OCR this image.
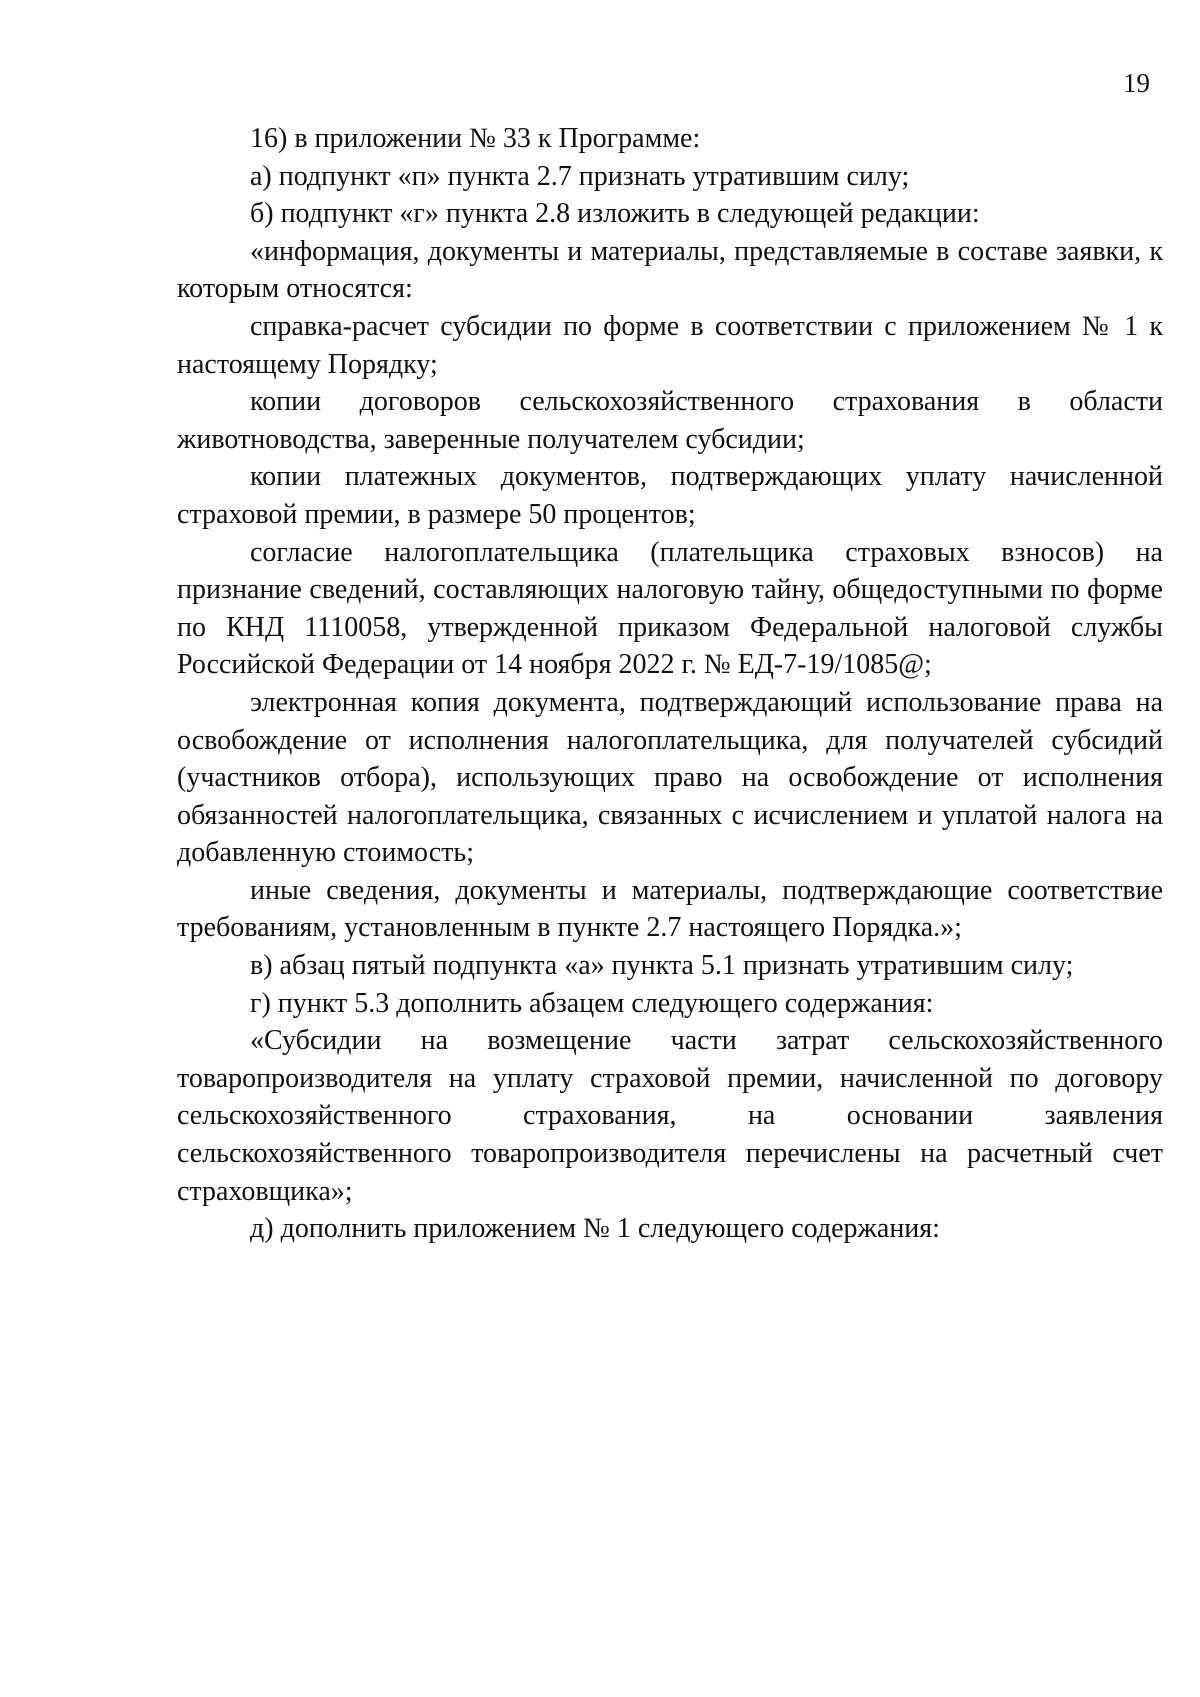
19

16) в приложении № 33 к Программе:

а) подпункт «п» пункта 2.7 признать утратившим силу;

б) подпункт «г» пункта 2.8 изложить в следующей редакции:

«информация, документы и материалы, представляемые в составе заявки, к которым относятся:

справка-расчет субсидии по форме в соответствии с приложением № 1 к настоящему Порядку;

копии договоров сельскохозяйственного страхования в области животноводства, заверенные получателем субсидии;

копии платежных документов, подтверждающих уплату начисленной страховой премии, в размере 50 процентов;

согласие налогоплательщика (плательщика страховых взносов) на признание сведений, составляющих налоговую тайну, общедоступными по форме по КНД 1110058, утвержденной приказом Федеральной налоговой службы Российской Федерации от 14 ноября 2022 г. № ЕД-7-19/1085@;

электронная копия документа, подтверждающий использование права на освобождение от исполнения налогоплательщика, для получателей субсидий (участников отбора), использующих право на освобождение от исполнения обязанностей налогоплательщика, связанных с исчислением и уплатой налога на добавленную стоимость;

иные сведения, документы и материалы, подтверждающие соответствие требованиям, установленным в пункте 2.7 настоящего Порядка.»;

в) абзац пятый подпункта «а» пункта 5.1 признать утратившим силу;

г) пункт 5.3 дополнить абзацем следующего содержания:

«Субсидии на возмещение части затрат сельскохозяйственного товаропроизводителя на уплату страховой премии, начисленной по договору сельскохозяйственного страхования, на основании заявления сельскохозяйственного товаропроизводителя перечислены на расчетный счет страховщика»;

д) дополнить приложением № 1 следующего содержания:
